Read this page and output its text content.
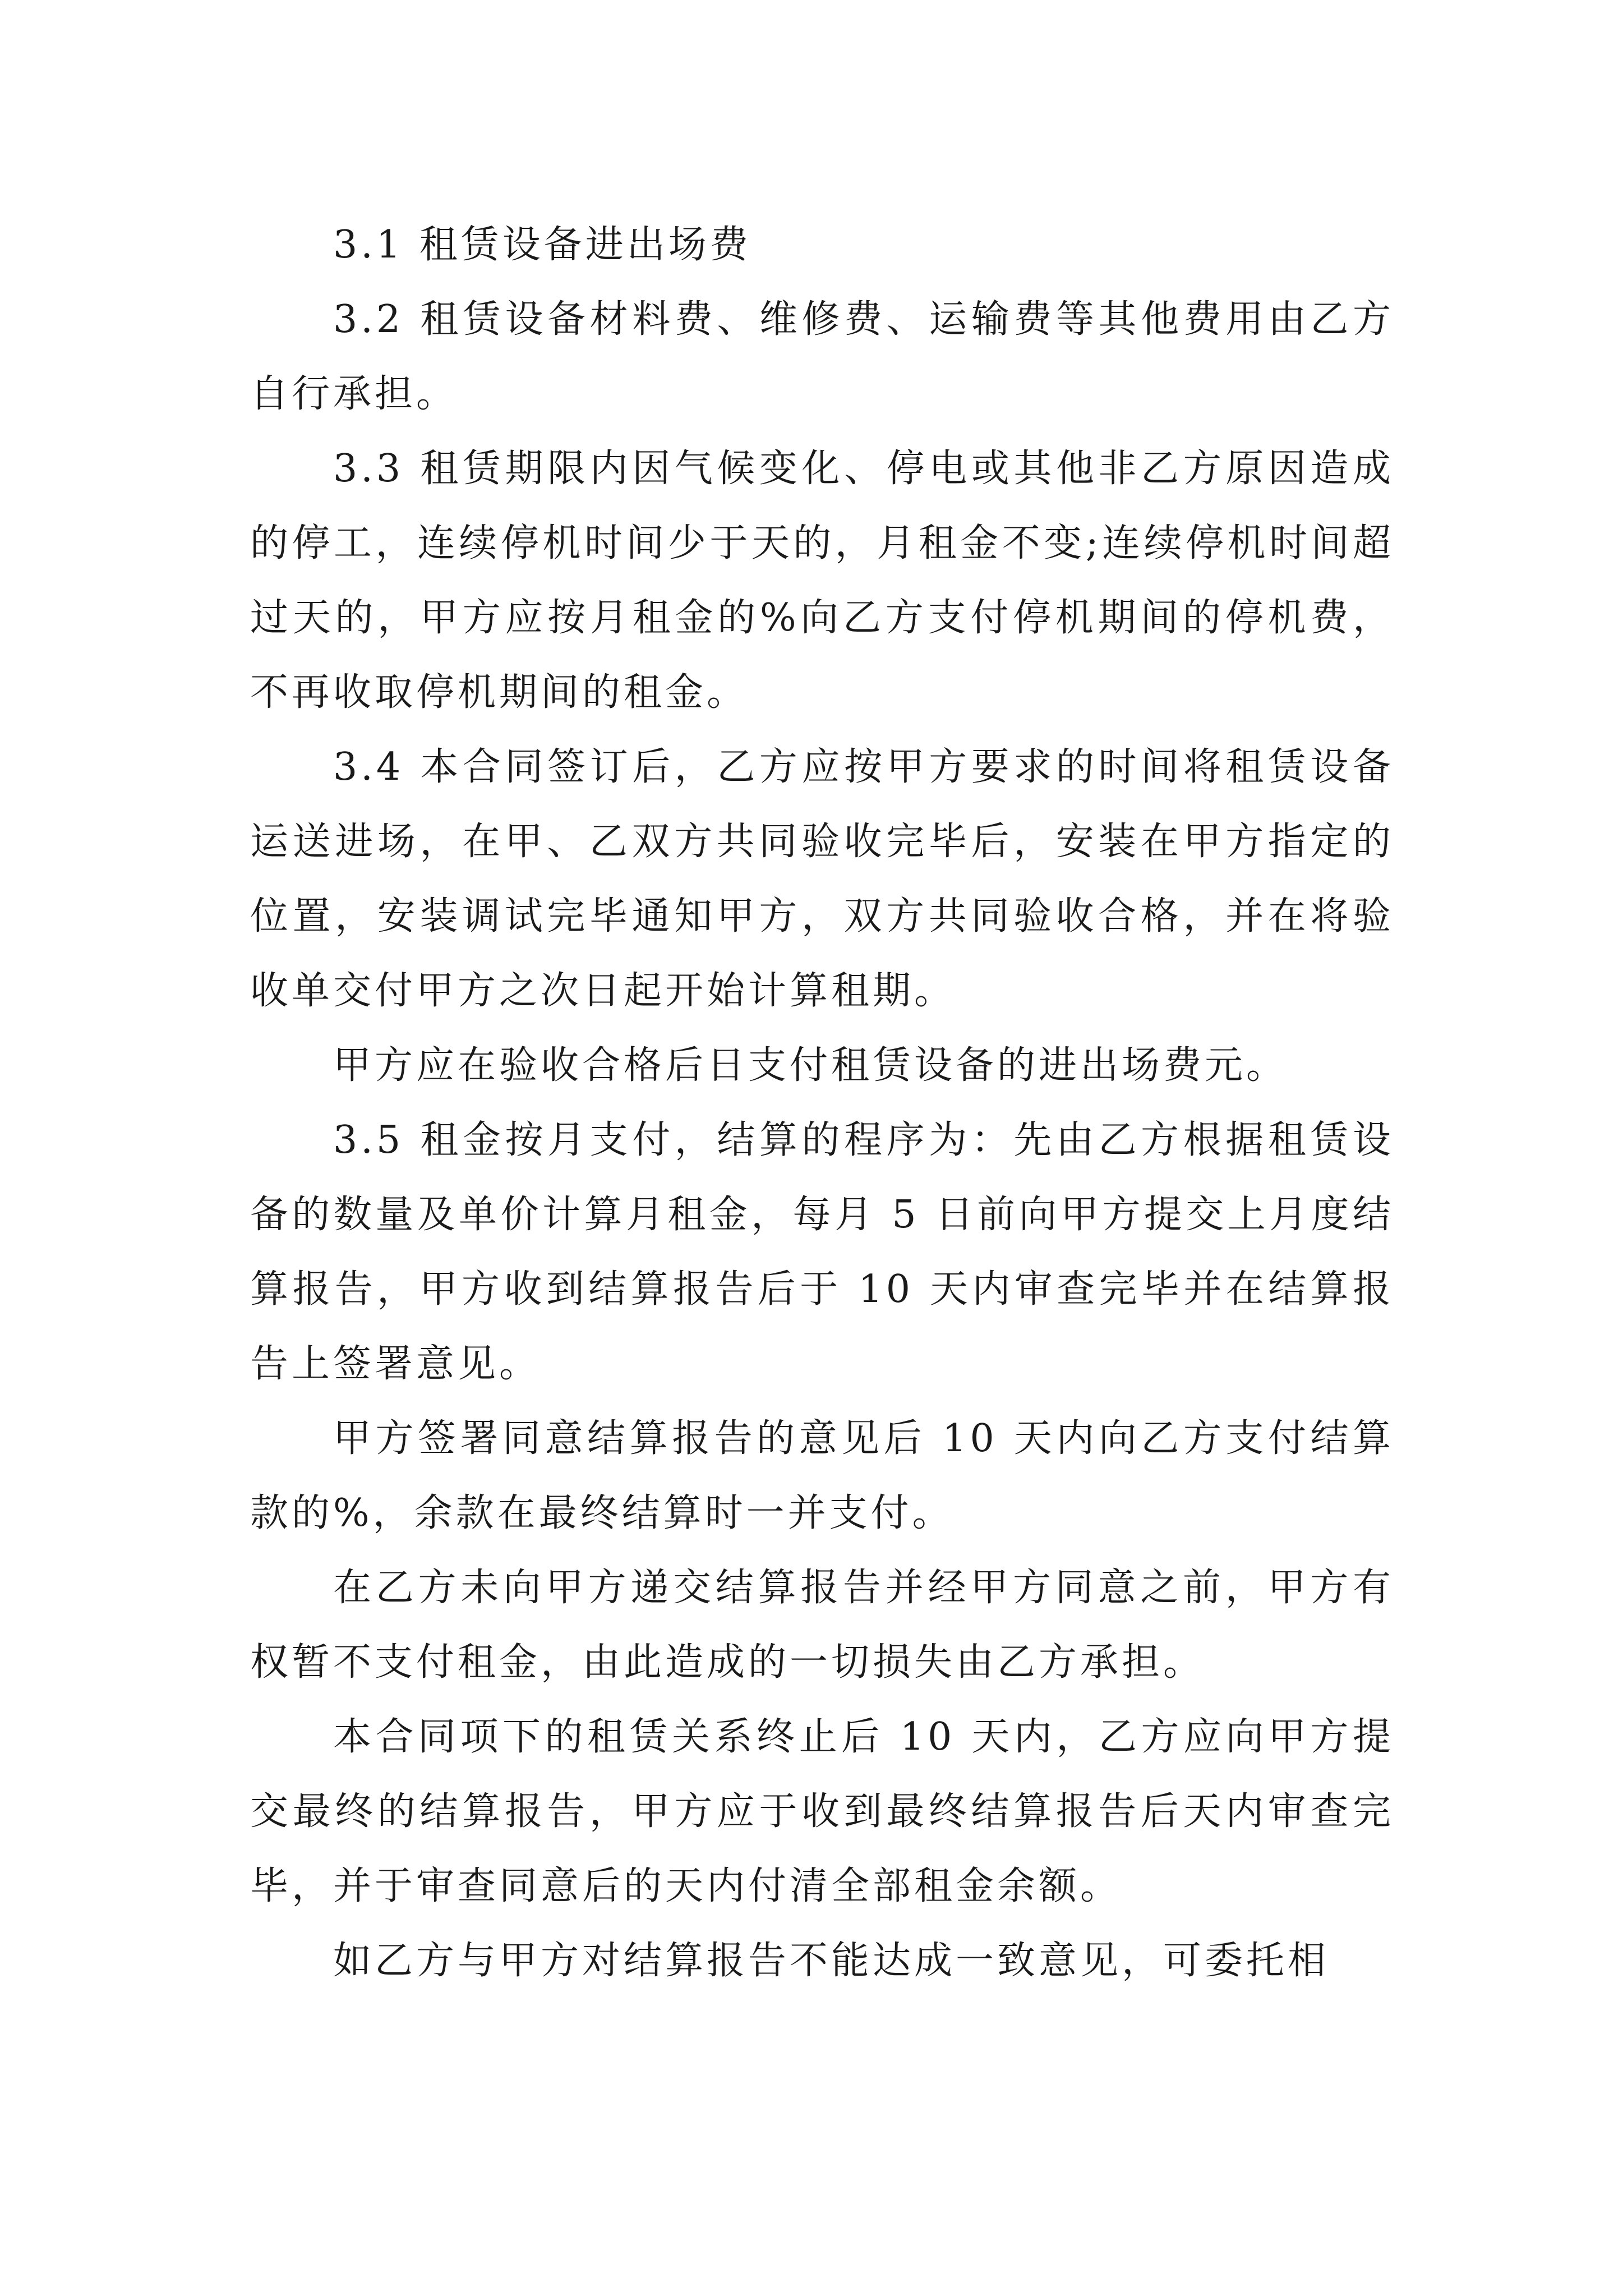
3.1 租赁设备进出场费

3.2 租赁设备材料费、维修费、运输费等其他费用由乙方自行承担。

3.3 租赁期限内因气候变化、停电或其他非乙方原因造成的停工，连续停机时间少于天的，月租金不变;连续停机时间超过天的，甲方应按月租金的%向乙方支付停机期间的停机费，不再收取停机期间的租金。

3.4 本合同签订后，乙方应按甲方要求的时间将租赁设备运送进场，在甲、乙双方共同验收完毕后，安装在甲方指定的位置，安装调试完毕通知甲方，双方共同验收合格，并在将验收单交付甲方之次日起开始计算租期。

甲方应在验收合格后日支付租赁设备的进出场费元。

3.5 租金按月支付，结算的程序为：先由乙方根据租赁设备的数量及单价计算月租金，每月 5 日前向甲方提交上月度结算报告，甲方收到结算报告后于 10 天内审查完毕并在结算报告上签署意见。

甲方签署同意结算报告的意见后 10 天内向乙方支付结算款的%，余款在最终结算时一并支付。

在乙方未向甲方递交结算报告并经甲方同意之前，甲方有权暂不支付租金，由此造成的一切损失由乙方承担。

本合同项下的租赁关系终止后 10 天内，乙方应向甲方提交最终的结算报告，甲方应于收到最终结算报告后天内审查完毕，并于审查同意后的天内付清全部租金余额。

如乙方与甲方对结算报告不能达成一致意见，可委托相
